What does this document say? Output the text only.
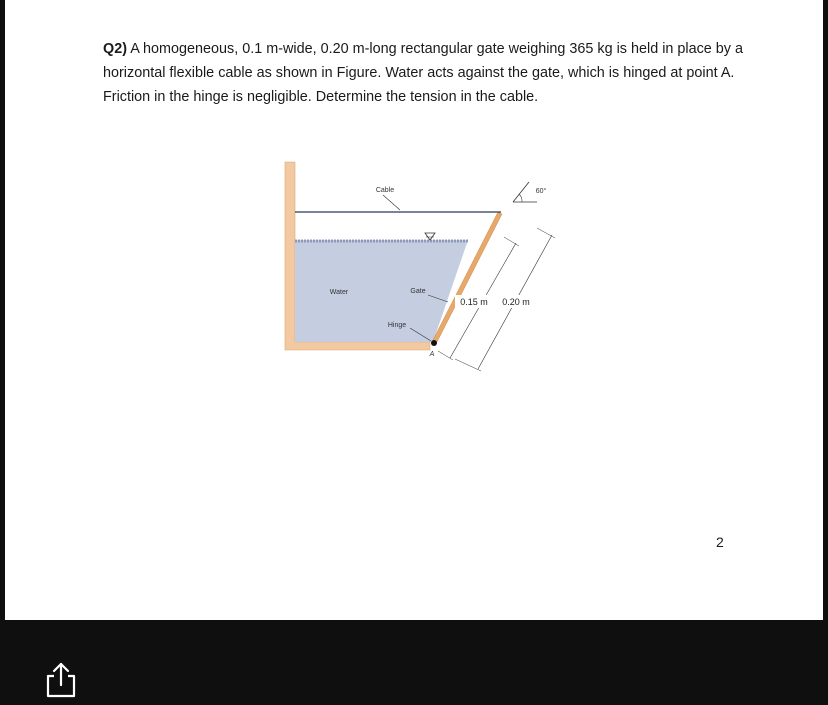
Q2) A homogeneous, 0.1 m-wide, 0.20 m-long rectangular gate weighing 365 kg is held in place by a horizontal flexible cable as shown in Figure. Water acts against the gate, which is hinged at point A. Friction in the hinge is negligible. Determine the tension in the cable.
Cable
Water	Gate
Hinge
A
60°
0.15 m 0.20 m
2
